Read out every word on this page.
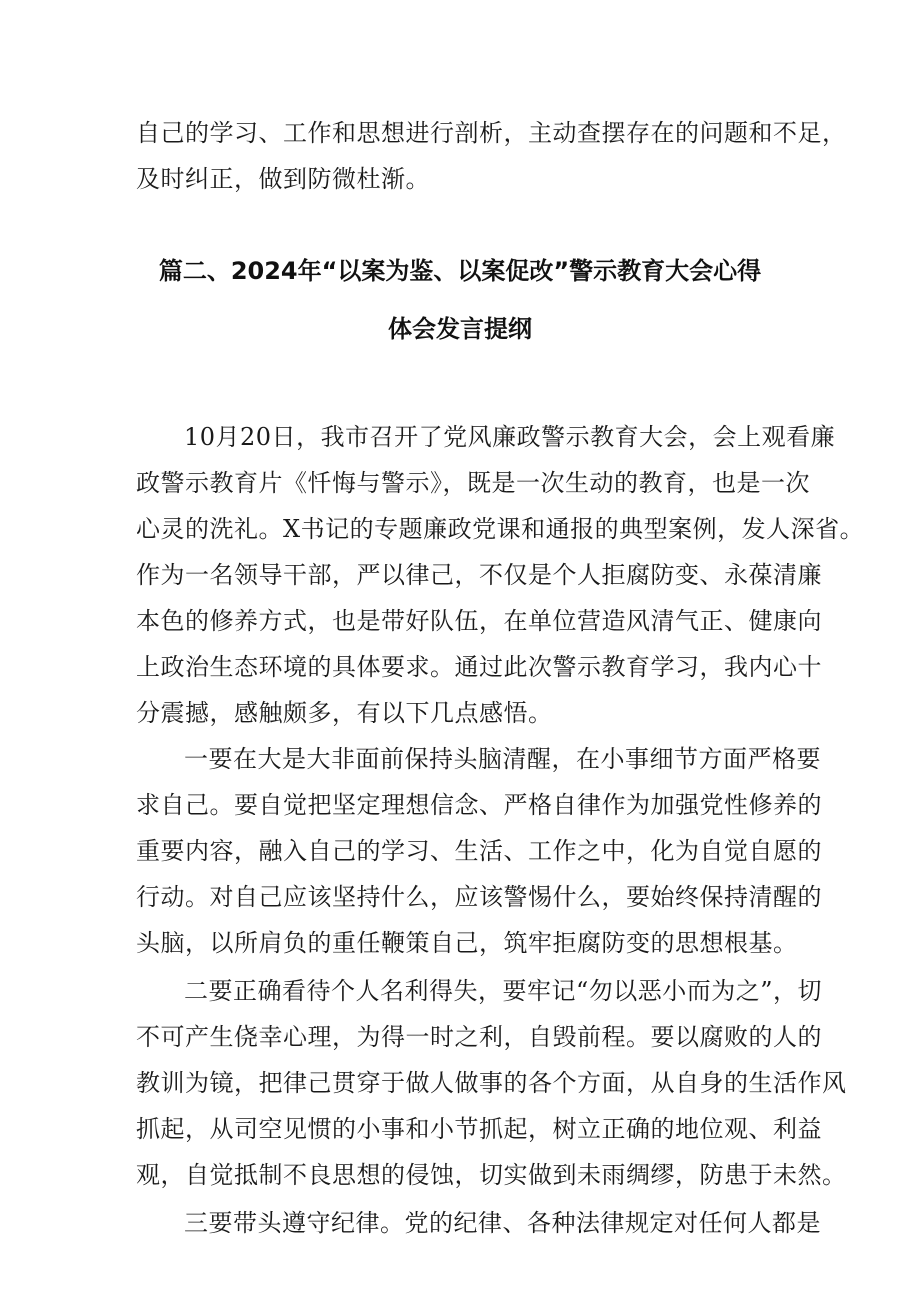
自己的学习、工作和思想进行剖析，主动查摆存在的问题和不足，
及时纠正，做到防微杜渐。
篇二、2024年“以案为鉴、以案促改”警示教育大会心得
体会发言提纲
10月20日，我市召开了党风廉政警示教育大会，会上观看廉
政警示教育片《忏悔与警示》，既是一次生动的教育，也是一次
心灵的洗礼。X书记的专题廉政党课和通报的典型案例，发人深省。
作为一名领导干部，严以律己，不仅是个人拒腐防变、永葆清廉
本色的修养方式，也是带好队伍，在单位营造风清气正、健康向
上政治生态环境的具体要求。通过此次警示教育学习，我内心十
分震撼，感触颇多，有以下几点感悟。
一要在大是大非面前保持头脑清醒，在小事细节方面严格要
求自己。要自觉把坚定理想信念、严格自律作为加强党性修养的
重要内容，融入自己的学习、生活、工作之中，化为自觉自愿的
行动。对自己应该坚持什么，应该警惕什么，要始终保持清醒的
头脑，以所肩负的重任鞭策自己，筑牢拒腐防变的思想根基。
二要正确看待个人名利得失，要牢记“勿以恶小而为之”，切
不可产生侥幸心理，为得一时之利，自毁前程。要以腐败的人的
教训为镜，把律己贯穿于做人做事的各个方面，从自身的生活作风
抓起，从司空见惯的小事和小节抓起，树立正确的地位观、利益
观，自觉抵制不良思想的侵蚀，切实做到未雨绸缪，防患于未然。
三要带头遵守纪律。党的纪律、各种法律规定对任何人都是
